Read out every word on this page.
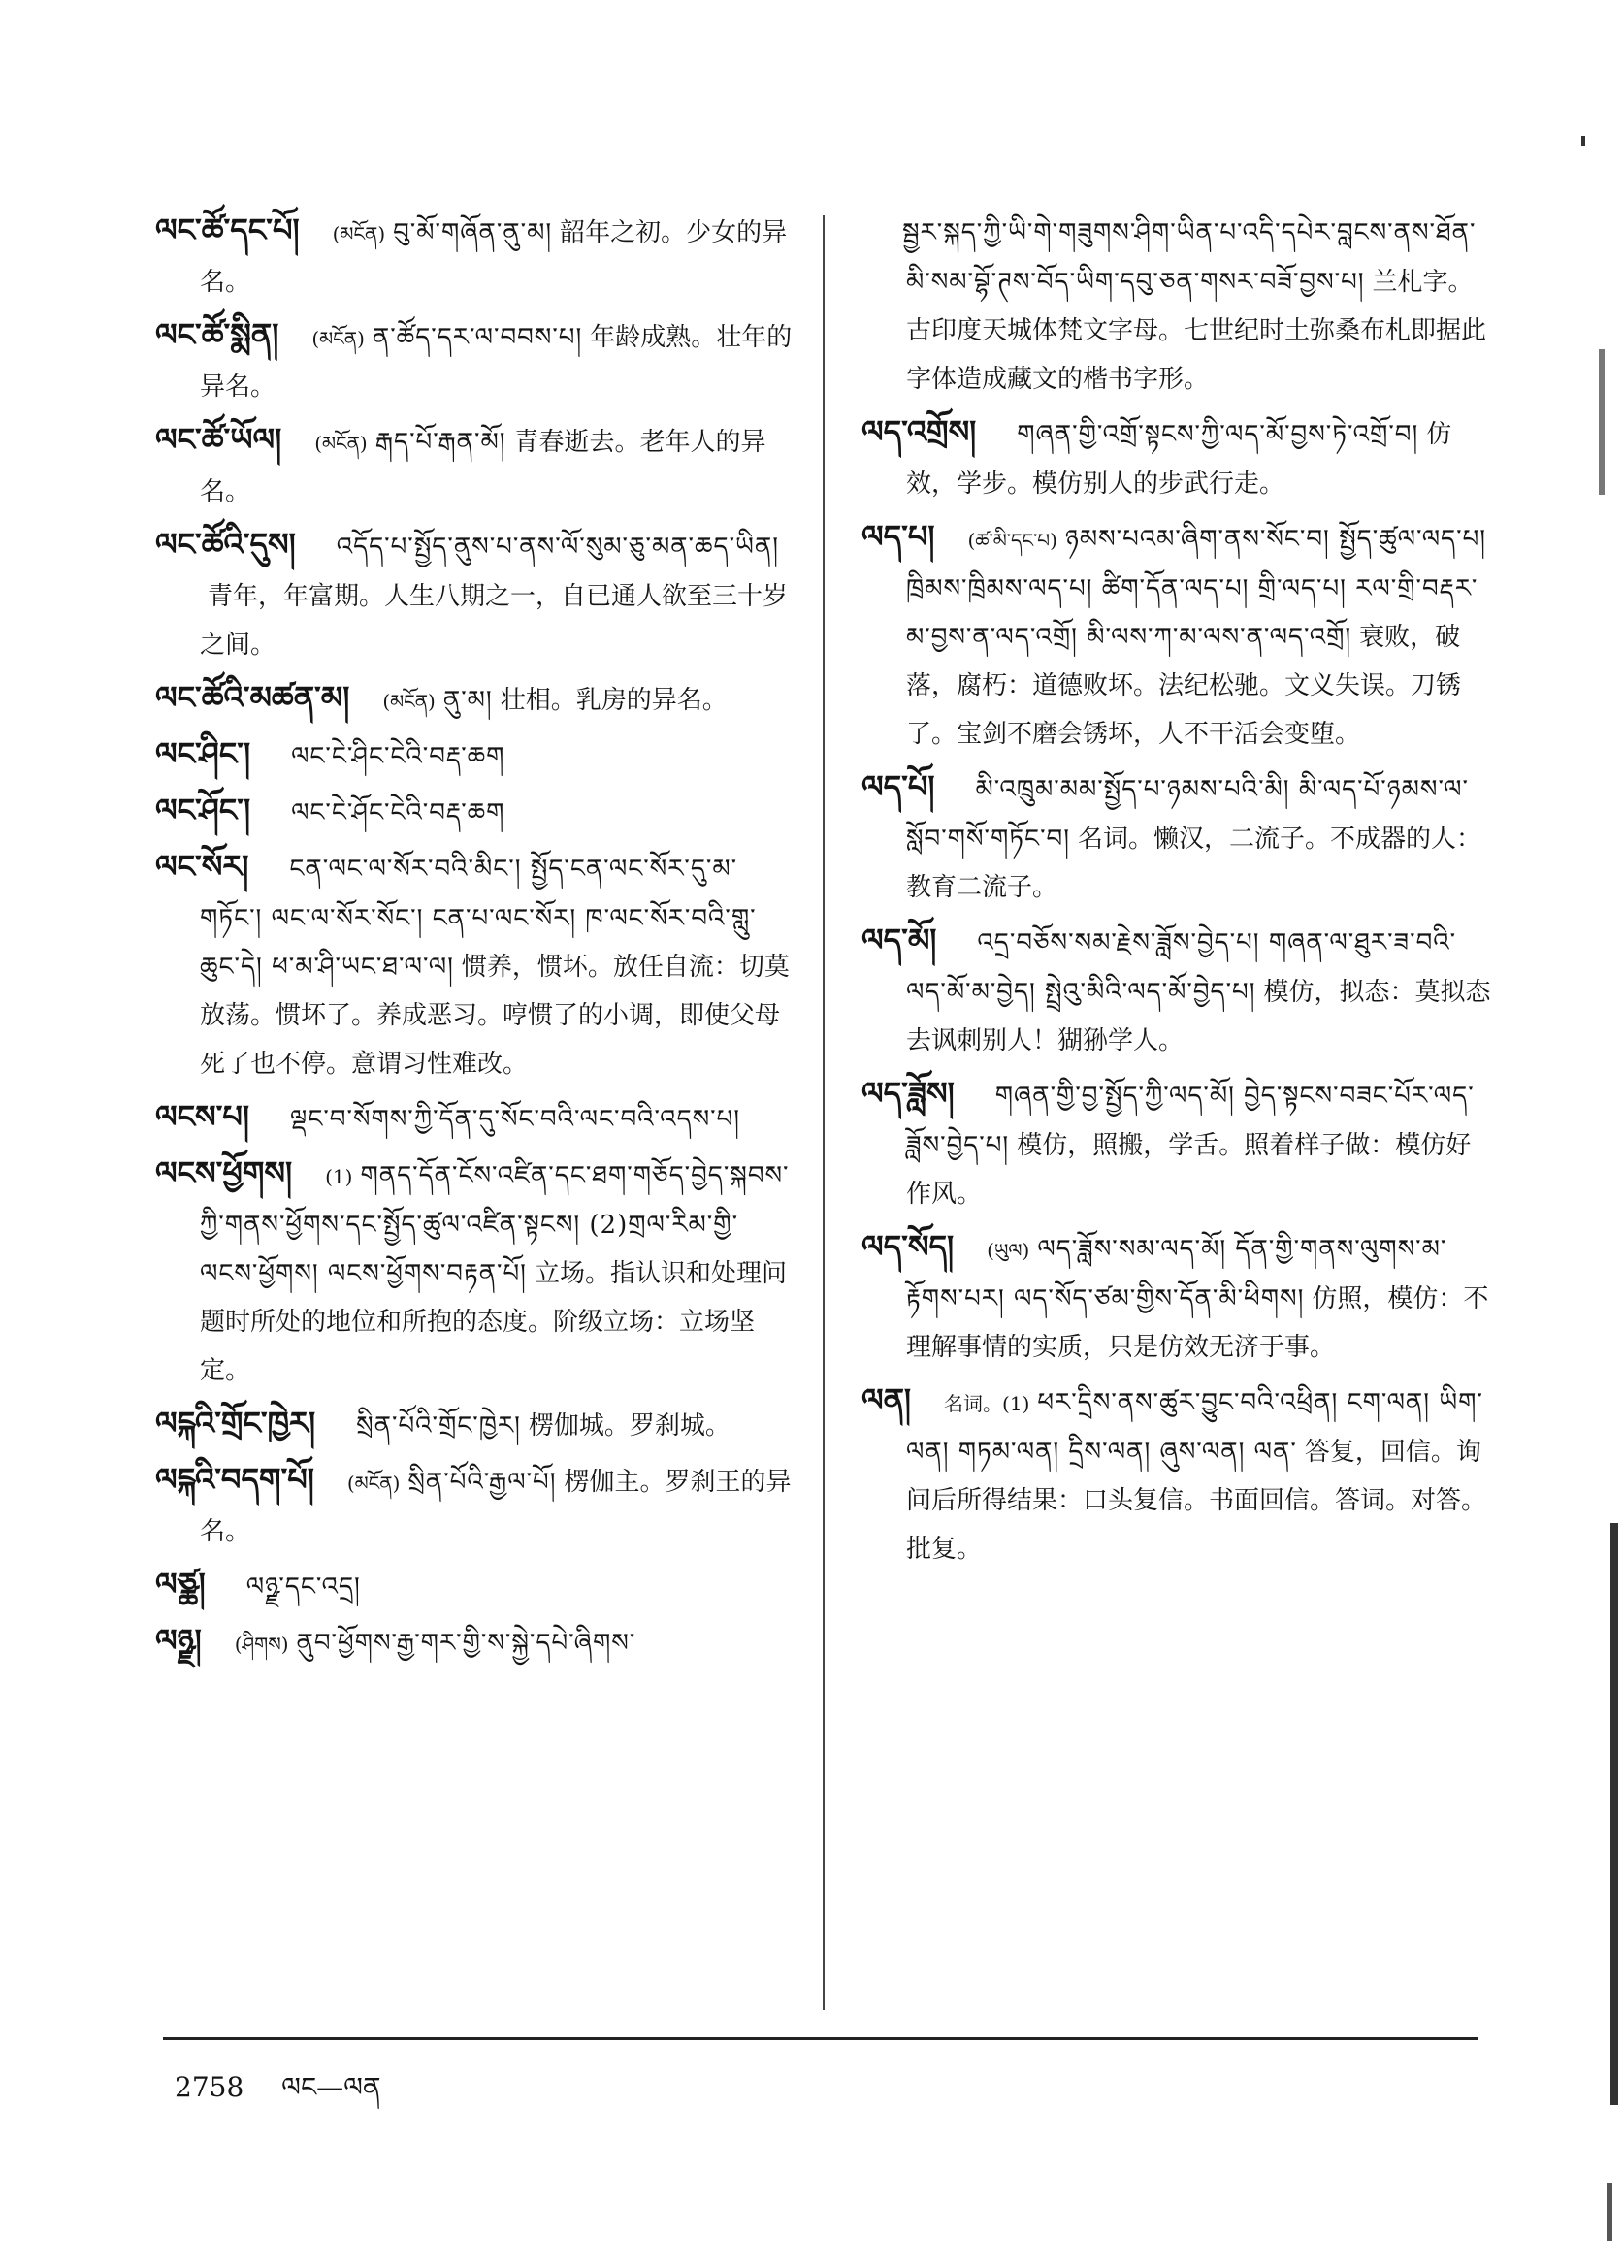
ལང་ཚོ་དང་པོ། (མངོན) བུ་མོ་གཞོན་ནུ་མ། 韶年之初。少女的异名。
ལང་ཚོ་སྨིན། (མངོན) ན་ཚོད་དར་ལ་བབས་པ། 年龄成熟。壮年的异名。
ལང་ཚོ་ཡོལ། (མངོན) རྒད་པོ་རྒན་མོ། 青春逝去。老年人的异名。
ལང་ཚོའི་དུས། འདོད་པ་སྤྱོད་ནུས་པ་ནས་ལོ་སུམ་ཅུ་མན་ཆད་ཡིན།青年，年富期。人生八期之一，自已通人欲至三十岁之间。
ལང་ཚོའི་མཚན་མ། (མངོན) ནུ་མ། 壮相。乳房的异名。
ལང་ཤིང་། ལང་ངེ་ཤིང་ངེའི་བརྡ་ཆག
ལང་ཤོང་། ལང་ངེ་ཤོང་ངེའི་བརྡ་ཆག
ལང་སོར། ངན་ལང་ལ་སོར་བའི་མིང་། སྤྱོད་ངན་ལང་སོར་དུ་མ་གཏོང་། ལང་ལ་སོར་སོང་། ངན་པ་ལང་སོར། ཁ་ལང་སོར་བའི་གླུ་ཆུང་དེ། ཕ་མ་ཤི་ཡང་ཐ་ལ་ལ། 惯养，惯坏。放任自流：切莫放荡。惯坏了。养成恶习。哼惯了的小调，即使父母死了也不停。意谓习性难改。
ལངས་པ། ལྡང་བ་སོགས་ཀྱི་དོན་དུ་སོང་བའི་ལང་བའི་འདས་པ།
ལངས་ཕྱོགས། (1) གནད་དོན་ངོས་འཛིན་དང་ཐག་གཅོད་བྱེད་སྐབས་ཀྱི་གནས་ཕྱོགས་དང་སྤྱོད་ཚུལ་འཛིན་སྟངས། (2)གྲལ་རིམ་གྱི་ལངས་ཕྱོགས། ལངས་ཕྱོགས་བརྟན་པོ། 立场。指认识和处理问题时所处的地位和所抱的态度。阶级立场：立场坚定。
ལངྐའི་གྲོང་ཁྱེར། སྲིན་པོའི་གྲོང་ཁྱེར། 楞伽城。罗刹城。
ལངྐའི་བདག་པོ། (མངོན) སྲིན་པོའི་རྒྱལ་པོ། 楞伽主。罗刹王的异名。
ལཙྪ། ལཉྫ་དང་འདྲ།
ལཉྫ། (ཤིགས) ནུབ་ཕྱོགས་རྒྱ་གར་གྱི་ས་སྐྱེ་དཔེ་ཞིགས་
སྦྱར་སྐད་ཀྱི་ཡི་གེ་གཟུགས་ཤིག་ཡིན་པ་འདི་དཔེར་བླངས་ནས་ཐོན་མི་སམ་བྷོ་ཊས་བོད་ཡིག་དབུ་ཅན་གསར་བཟོ་བྱས་པ། 兰札字。古印度天城体梵文字母。七世纪时土弥桑布札即据此字体造成藏文的楷书字形。
ལད་འགྲོས། གཞན་གྱི་འགྲོ་སྟངས་ཀྱི་ལད་མོ་བྱས་ཏེ་འགྲོ་བ། 仿效，学步。模仿别人的步武行走。
ལད་པ། (ཚ་མི་དང་པ) ཉམས་པའམ་ཞིག་ནས་སོང་བ། སྤྱོད་ཚུལ་ལད་པ། ཁྲིམས་ཁྲིམས་ལད་པ། ཚིག་དོན་ལད་པ། གྲི་ལད་པ། རལ་གྲི་བརྡར་མ་བྱས་ན་ལད་འགྲོ། མི་ལས་ཀ་མ་ལས་ན་ལད་འགྲོ། 衰败，破落，腐朽：道德败坏。法纪松驰。文义失误。刀锈了。宝剑不磨会锈坏，人不干活会变堕。
ལད་པོ། མི་འཁྲུམ་མམ་སྤྱོད་པ་ཉམས་པའི་མི། མི་ལད་པོ་ཉམས་ལ་སློབ་གསོ་གཏོང་བ། 名词。懒汉，二流子。不成器的人：教育二流子。
ལད་མོ། འདྲ་བཅོས་སམ་རྗེས་ཟློས་བྱེད་པ། གཞན་ལ་ཐུར་ཟ་བའི་ལད་མོ་མ་བྱེད། སྤྲེའུ་མིའི་ལད་མོ་བྱེད་པ། 模仿，拟态：莫拟态去讽刺别人！猢狲学人。
ལད་ཟློས། གཞན་གྱི་བྱ་སྤྱོད་ཀྱི་ལད་མོ། བྱེད་སྟངས་བཟང་པོར་ལད་ཟློས་བྱེད་པ། 模仿，照搬，学舌。照着样子做：模仿好作风。
ལད་སོད། (ཡུལ) ལད་ཟློས་སམ་ལད་མོ། དོན་གྱི་གནས་ལུགས་མ་རྟོགས་པར། ལད་སོད་ཙམ་གྱིས་དོན་མི་ཕིགས། 仿照，模仿：不理解事情的实质，只是仿效无济于事。
ལན། 名词。(1) ཕར་དྲིས་ནས་ཚུར་བྱུང་བའི་འཕྲིན། ངག་ལན། ཡིག་ལན། གཏམ་ལན། དྲིས་ལན། ཞུས་ལན། ལན་ 答复，回信。询问后所得结果：口头复信。书面回信。答词。对答。批复。
2758 ལང—ལན
